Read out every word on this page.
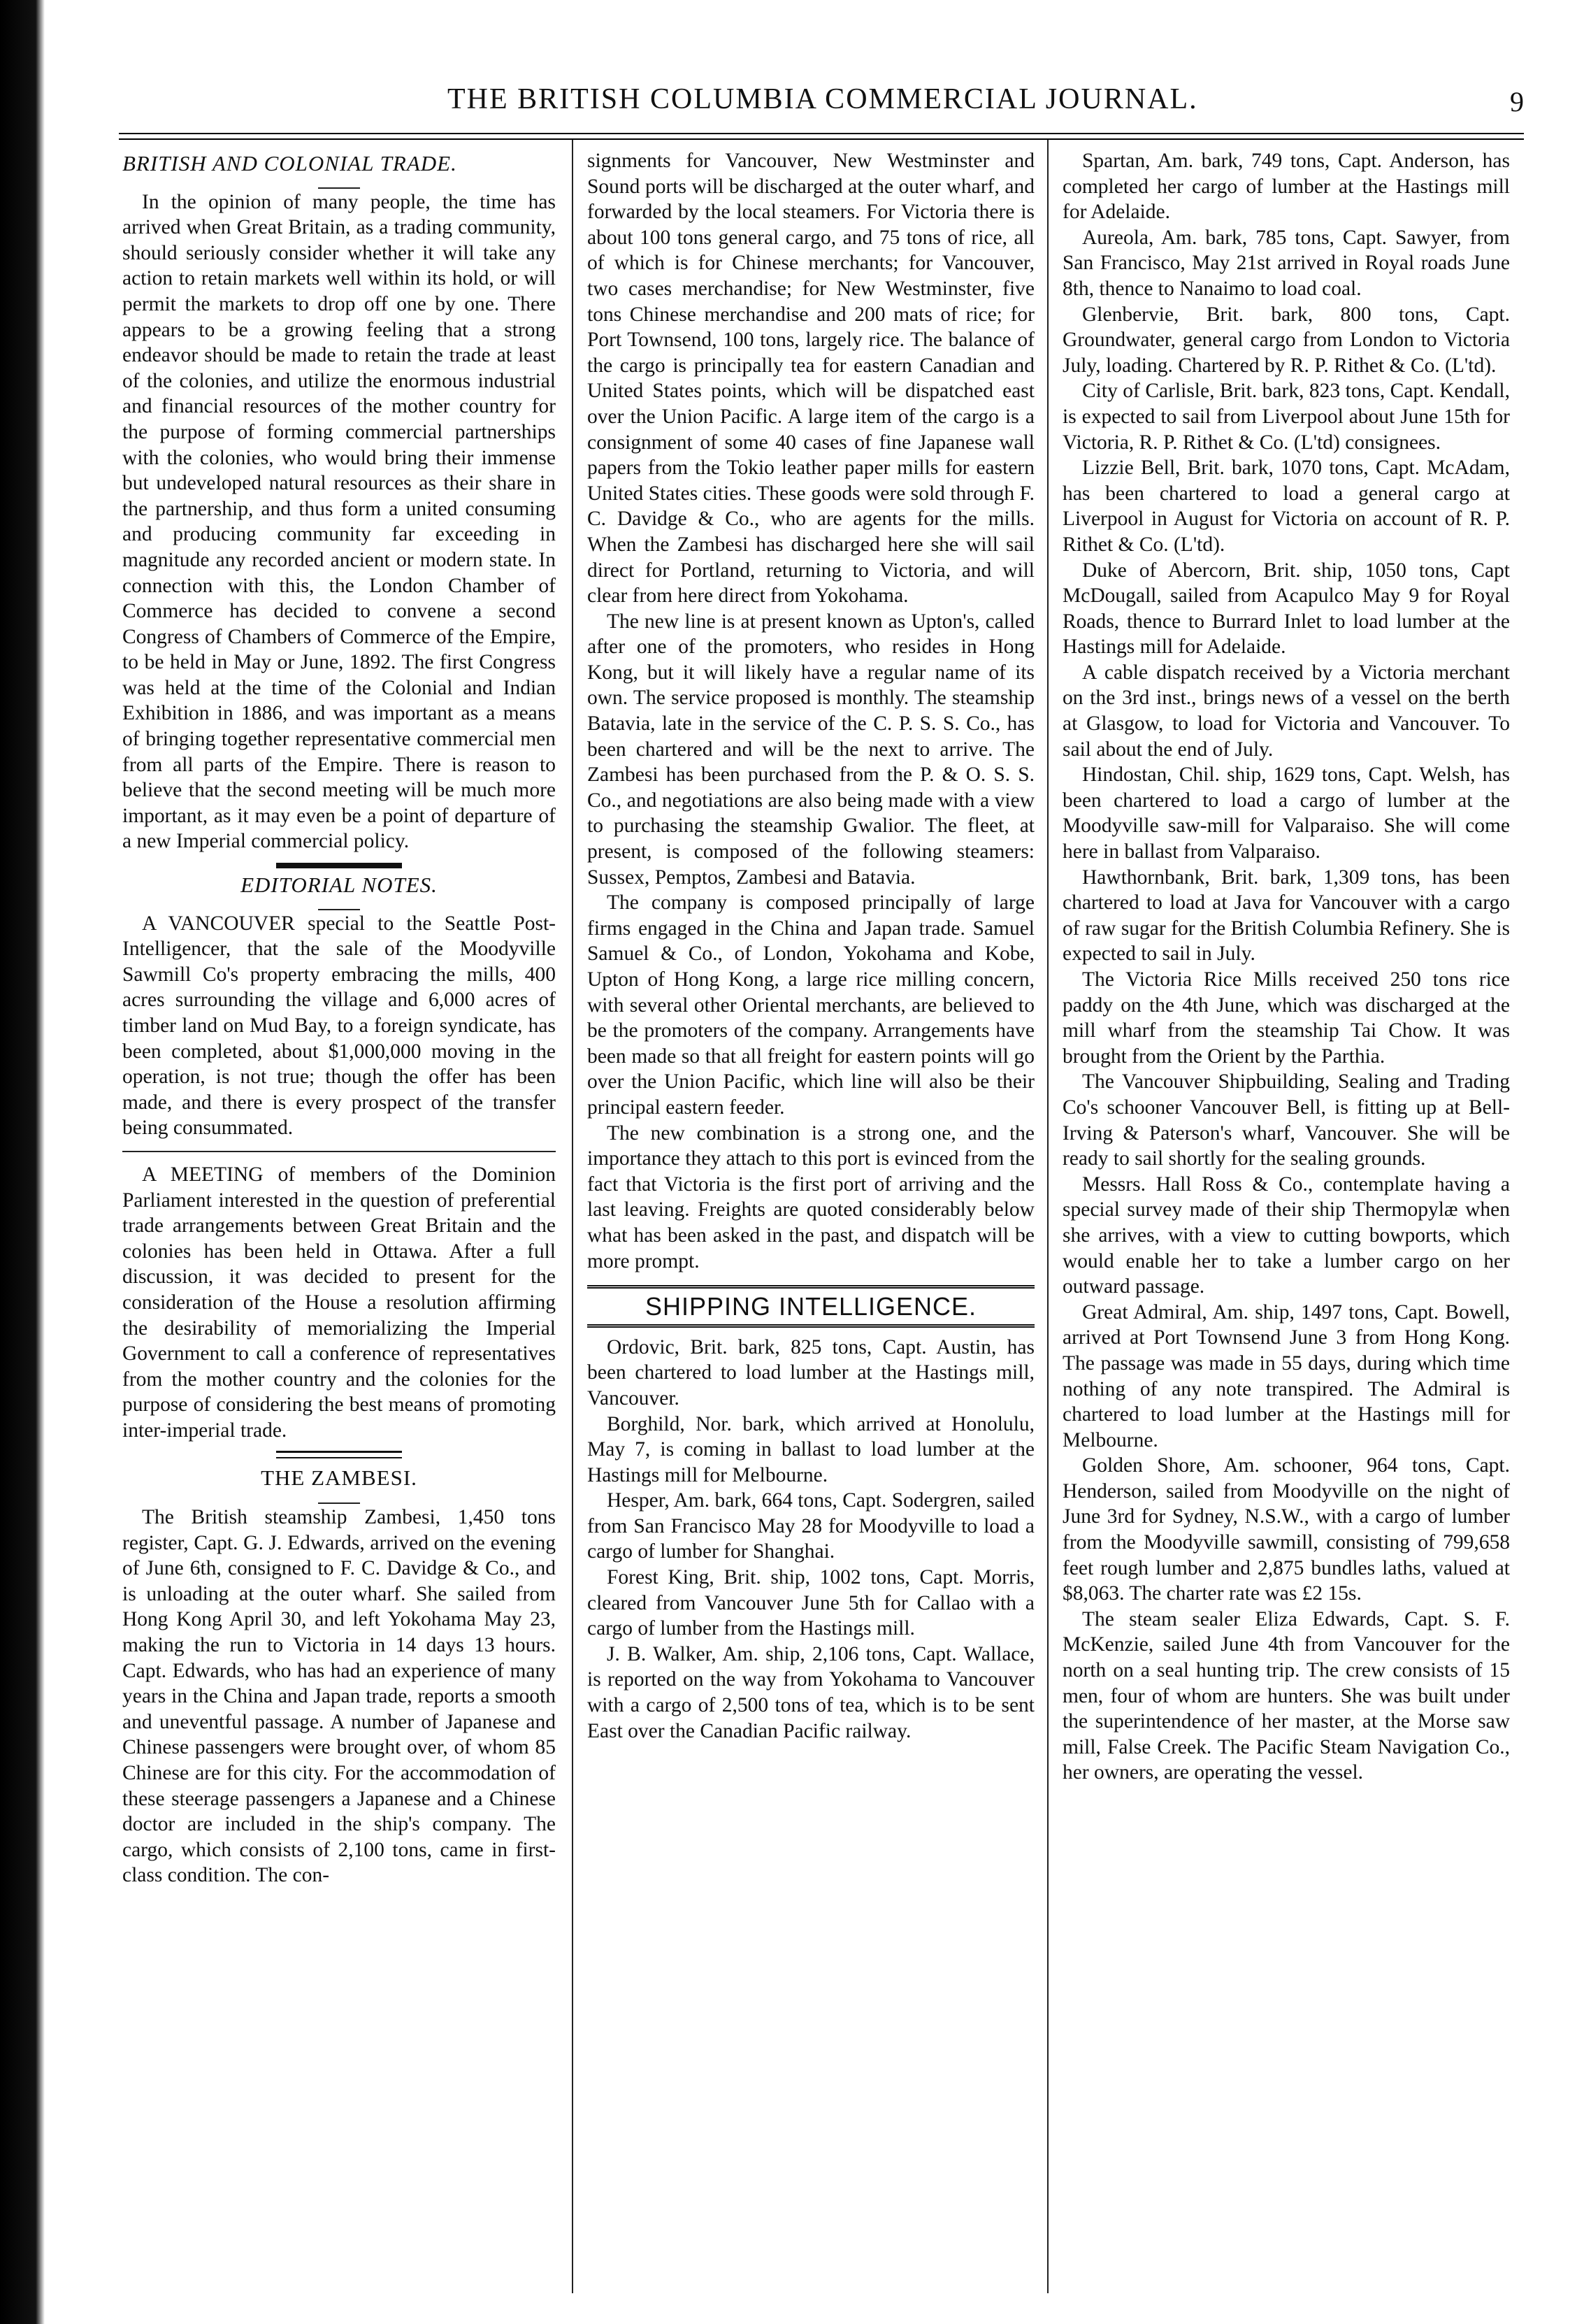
THE BRITISH COLUMBIA COMMERCIAL JOURNAL.	9
BRITISH AND COLONIAL TRADE.

In the opinion of many people, the time has arrived when Great Britain, as a trading community, should seriously consider whether it will take any action to retain markets well within its hold, or will permit the markets to drop off one by one. There appears to be a growing feeling that a strong endeavor should be made to retain the trade at least of the colonies, and utilize the enormous industrial and financial resources of the mother country for the purpose of forming commercial partnerships with the colonies, who would bring their immense but undeveloped natural resources as their share in the partnership, and thus form a united consuming and producing community far exceeding in magnitude any recorded ancient or modern state. In connection with this, the London Chamber of Commerce has decided to convene a second Congress of Chambers of Commerce of the Empire, to be held in May or June, 1892. The first Congress was held at the time of the Colonial and Indian Exhibition in 1886, and was important as a means of bringing together representative commercial men from all parts of the Empire. There is reason to believe that the second meeting will be much more important, as it may even be a point of departure of a new Imperial commercial policy.

EDITORIAL NOTES.

A VANCOUVER special to the Seattle Post-Intelligencer, that the sale of the Moodyville Sawmill Co's property embracing the mills, 400 acres surrounding the village and 6,000 acres of timber land on Mud Bay, to a foreign syndicate, has been completed, about $1,000,000 moving in the operation, is not true; though the offer has been made, and there is every prospect of the transfer being consummated.

A MEETING of members of the Dominion Parliament interested in the question of preferential trade arrangements between Great Britain and the colonies has been held in Ottawa. After a full discussion, it was decided to present for the consideration of the House a resolution affirming the desirability of memorializing the Imperial Government to call a conference of representatives from the mother country and the colonies for the purpose of considering the best means of promoting inter-imperial trade.

THE ZAMBESI.

The British steamship Zambesi, 1,450 tons register, Capt. G. J. Edwards, arrived on the evening of June 6th, consigned to F. C. Davidge & Co., and is unloading at the outer wharf. She sailed from Hong Kong April 30, and left Yokohama May 23, making the run to Victoria in 14 days 13 hours. Capt. Edwards, who has had an experience of many years in the China and Japan trade, reports a smooth and uneventful passage. A number of Japanese and Chinese passengers were brought over, of whom 85 Chinese are for this city. For the accommodation of these steerage passengers a Japanese and a Chinese doctor are included in the ship's company. The cargo, which consists of 2,100 tons, came in first-class condition. The con-

signments for Vancouver, New Westminster and Sound ports will be discharged at the outer wharf, and forwarded by the local steamers. For Victoria there is about 100 tons general cargo, and 75 tons of rice, all of which is for Chinese merchants; for Vancouver, two cases merchandise; for New Westminster, five tons Chinese merchandise and 200 mats of rice; for Port Townsend, 100 tons, largely rice. The balance of the cargo is principally tea for eastern Canadian and United States points, which will be dispatched east over the Union Pacific. A large item of the cargo is a consignment of some 40 cases of fine Japanese wall papers from the Tokio leather paper mills for eastern United States cities. These goods were sold through F. C. Davidge & Co., who are agents for the mills. When the Zambesi has discharged here she will sail direct for Portland, returning to Victoria, and will clear from here direct from Yokohama.

The new line is at present known as Upton's, called after one of the promoters, who resides in Hong Kong, but it will likely have a regular name of its own. The service proposed is monthly. The steamship Batavia, late in the service of the C. P. S. S. Co., has been chartered and will be the next to arrive. The Zambesi has been purchased from the P. & O. S. S. Co., and negotiations are also being made with a view to purchasing the steamship Gwalior. The fleet, at present, is composed of the following steamers: Sussex, Pemptos, Zambesi and Batavia.

The company is composed principally of large firms engaged in the China and Japan trade. Samuel Samuel & Co., of London, Yokohama and Kobe, Upton of Hong Kong, a large rice milling concern, with several other Oriental merchants, are believed to be the promoters of the company. Arrangements have been made so that all freight for eastern points will go over the Union Pacific, which line will also be their principal eastern feeder.

The new combination is a strong one, and the importance they attach to this port is evinced from the fact that Victoria is the first port of arriving and the last leaving. Freights are quoted considerably below what has been asked in the past, and dispatch will be more prompt.

SHIPPING INTELLIGENCE.

Ordovic, Brit. bark, 825 tons, Capt. Austin, has been chartered to load lumber at the Hastings mill, Vancouver.

Borghild, Nor. bark, which arrived at Honolulu, May 7, is coming in ballast to load lumber at the Hastings mill for Melbourne.

Hesper, Am. bark, 664 tons, Capt. Sodergren, sailed from San Francisco May 28 for Moodyville to load a cargo of lumber for Shanghai.

Forest King, Brit. ship, 1002 tons, Capt. Morris, cleared from Vancouver June 5th for Callao with a cargo of lumber from the Hastings mill.

J. B. Walker, Am. ship, 2,106 tons, Capt. Wallace, is reported on the way from Yokohama to Vancouver with a cargo of 2,500 tons of tea, which is to be sent East over the Canadian Pacific railway.

Spartan, Am. bark, 749 tons, Capt. Anderson, has completed her cargo of lumber at the Hastings mill for Adelaide.

Aureola, Am. bark, 785 tons, Capt. Sawyer, from San Francisco, May 21st arrived in Royal roads June 8th, thence to Nanaimo to load coal.

Glenbervie, Brit. bark, 800 tons, Capt. Groundwater, general cargo from London to Victoria July, loading. Chartered by R. P. Rithet & Co. (L'td).

City of Carlisle, Brit. bark, 823 tons, Capt. Kendall, is expected to sail from Liverpool about June 15th for Victoria, R. P. Rithet & Co. (L'td) consignees.

Lizzie Bell, Brit. bark, 1070 tons, Capt. McAdam, has been chartered to load a general cargo at Liverpool in August for Victoria on account of R. P. Rithet & Co. (L'td).

Duke of Abercorn, Brit. ship, 1050 tons, Capt McDougall, sailed from Acapulco May 9 for Royal Roads, thence to Burrard Inlet to load lumber at the Hastings mill for Adelaide.

A cable dispatch received by a Victoria merchant on the 3rd inst., brings news of a vessel on the berth at Glasgow, to load for Victoria and Vancouver. To sail about the end of July.

Hindostan, Chil. ship, 1629 tons, Capt. Welsh, has been chartered to load a cargo of lumber at the Moodyville saw-mill for Valparaiso. She will come here in ballast from Valparaiso.

Hawthornbank, Brit. bark, 1,309 tons, has been chartered to load at Java for Vancouver with a cargo of raw sugar for the British Columbia Refinery. She is expected to sail in July.

The Victoria Rice Mills received 250 tons rice paddy on the 4th June, which was discharged at the mill wharf from the steamship Tai Chow. It was brought from the Orient by the Parthia.

The Vancouver Shipbuilding, Sealing and Trading Co's schooner Vancouver Bell, is fitting up at Bell-Irving & Paterson's wharf, Vancouver. She will be ready to sail shortly for the sealing grounds.

Messrs. Hall Ross & Co., contemplate having a special survey made of their ship Thermopylæ when she arrives, with a view to cutting bowports, which would enable her to take a lumber cargo on her outward passage.

Great Admiral, Am. ship, 1497 tons, Capt. Bowell, arrived at Port Townsend June 3 from Hong Kong. The passage was made in 55 days, during which time nothing of any note transpired. The Admiral is chartered to load lumber at the Hastings mill for Melbourne.

Golden Shore, Am. schooner, 964 tons, Capt. Henderson, sailed from Moodyville on the night of June 3rd for Sydney, N.S.W., with a cargo of lumber from the Moodyville sawmill, consisting of 799,658 feet rough lumber and 2,875 bundles laths, valued at $8,063. The charter rate was £2 15s.

The steam sealer Eliza Edwards, Capt. S. F. McKenzie, sailed June 4th from Vancouver for the north on a seal hunting trip. The crew consists of 15 men, four of whom are hunters. She was built under the superintendence of her master, at the Morse saw mill, False Creek. The Pacific Steam Navigation Co., her owners, are operating the vessel.
